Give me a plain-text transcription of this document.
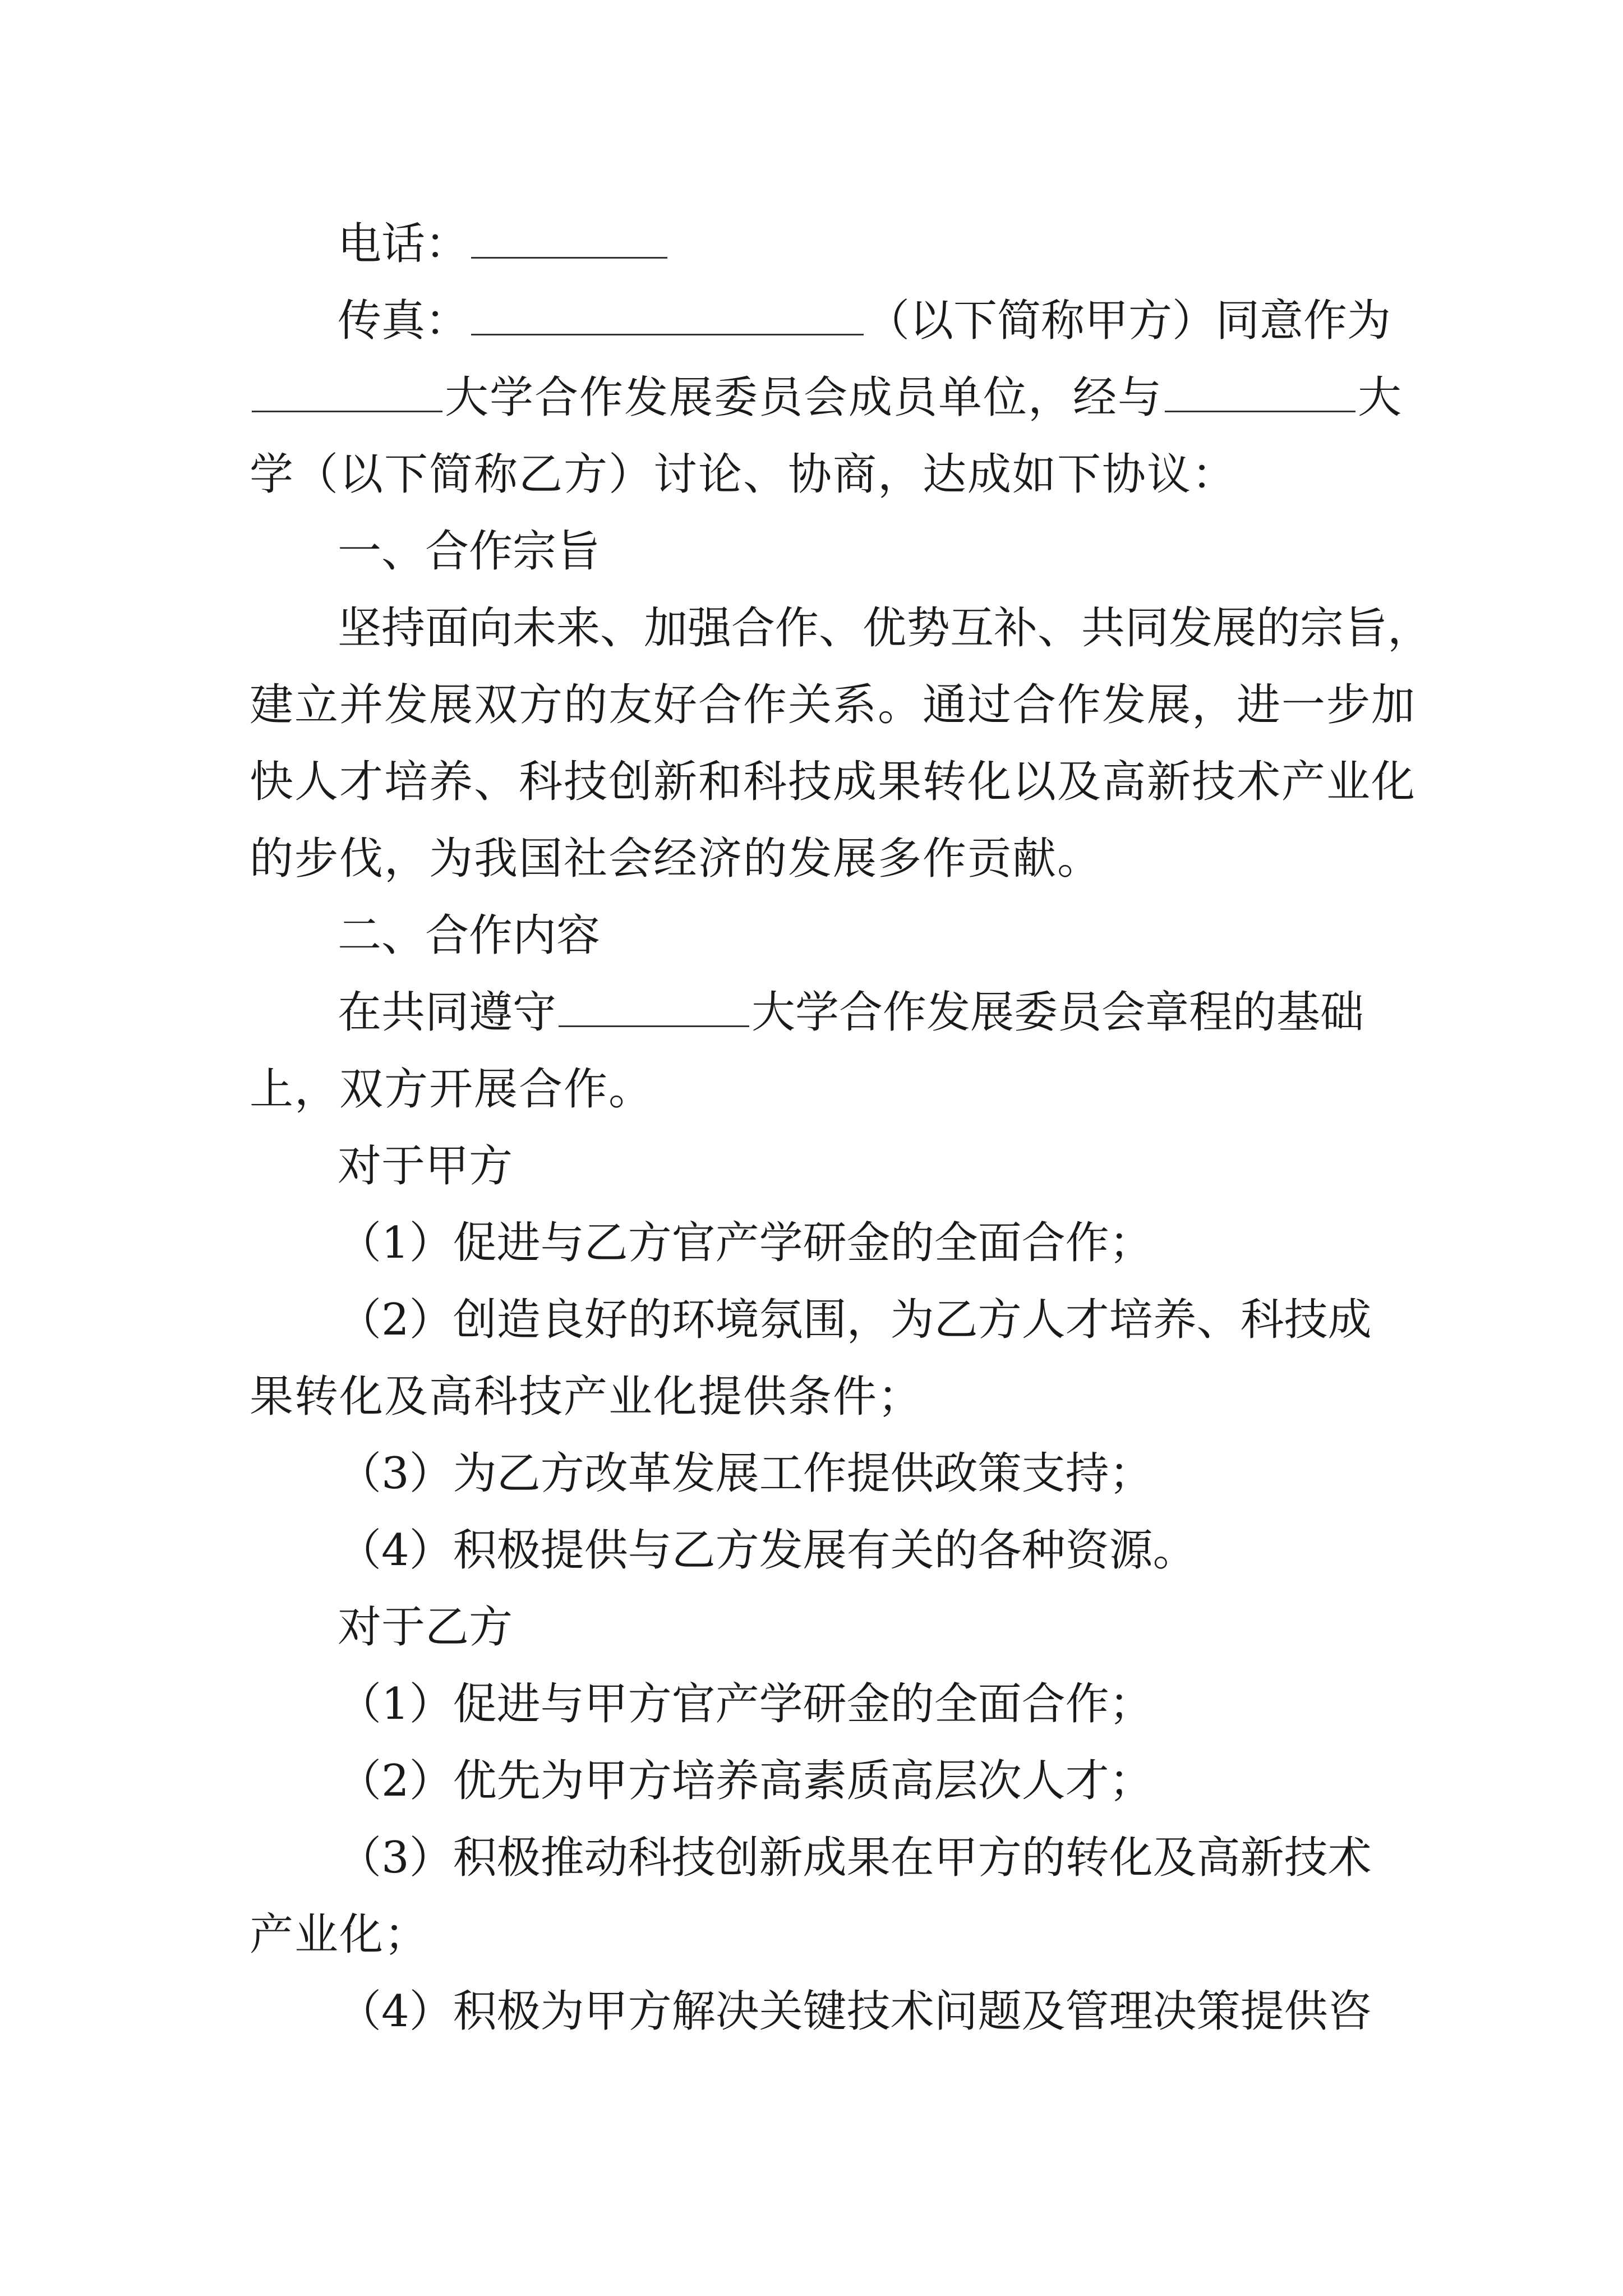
电话：
传真：	（以下简称甲方）同意作为
大学合作发展委员会成员单位，经与	大
学（以下简称乙方）讨论、协商，达成如下协议：
一、合作宗旨
坚持面向未来、加强合作、优势互补、共同发展的宗旨，
建立并发展双方的友好合作关系。通过合作发展，进一步加
快人才培养、科技创新和科技成果转化以及高新技术产业化
的步伐，为我国社会经济的发展多作贡献。
二、合作内容
在共同遵守	大学合作发展委员会章程的基础
上，双方开展合作。
对于甲方
（1）促进与乙方官产学研金的全面合作；
（2）创造良好的环境氛围，为乙方人才培养、科技成
果转化及高科技产业化提供条件；
（3）为乙方改革发展工作提供政策支持；
（4）积极提供与乙方发展有关的各种资源。
对于乙方
（1）促进与甲方官产学研金的全面合作；
（2）优先为甲方培养高素质高层次人才；
（3）积极推动科技创新成果在甲方的转化及高新技术
产业化；
（4）积极为甲方解决关键技术问题及管理决策提供咨
